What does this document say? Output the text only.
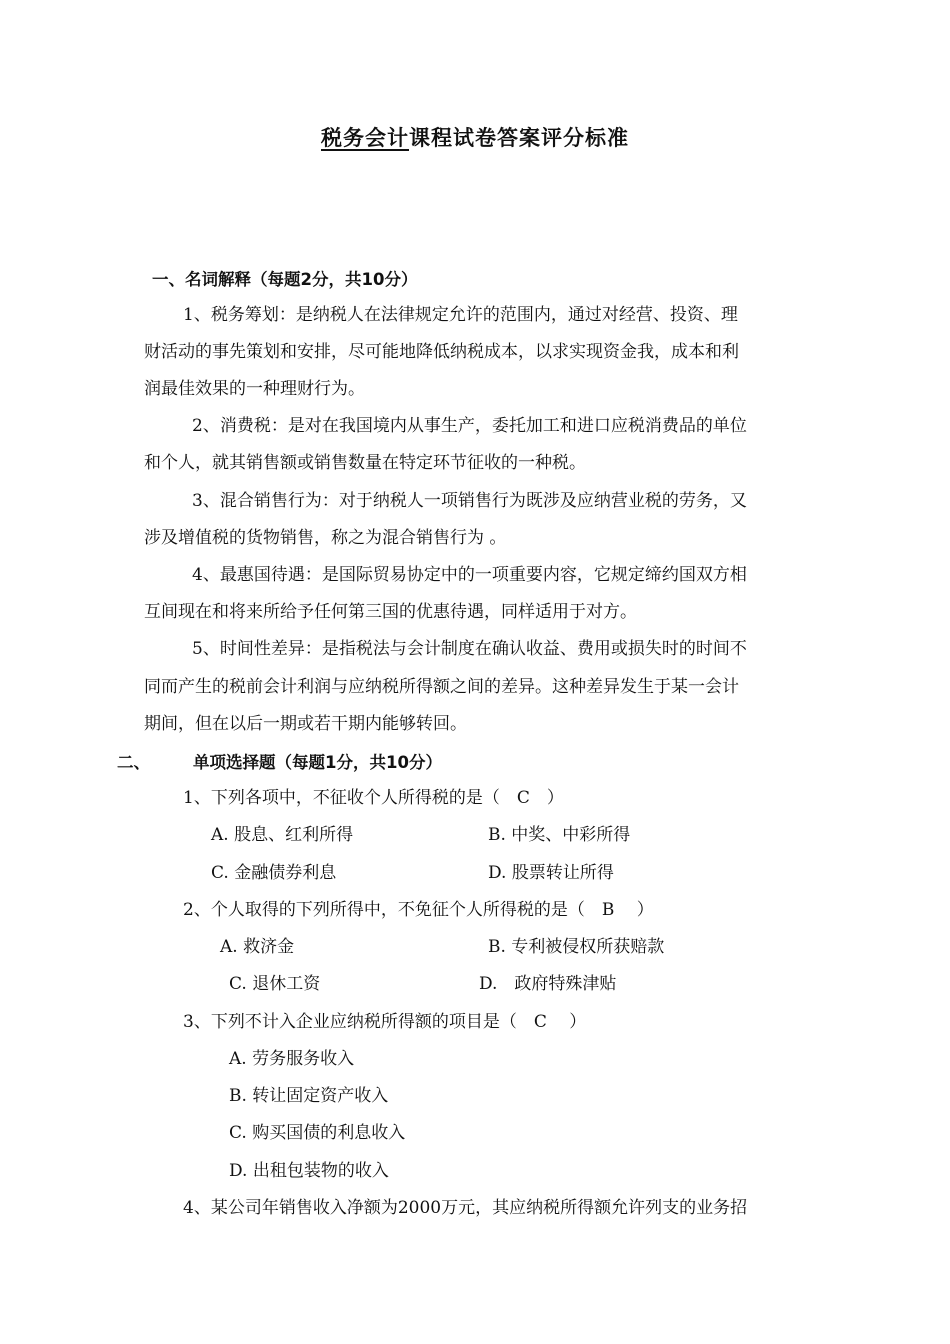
税务会计课程试卷答案评分标准
一、名词解释（每题2分，共10分）
1、税务筹划：是纳税人在法律规定允许的范围内，通过对经营、投资、理
财活动的事先策划和安排，尽可能地降低纳税成本，以求实现资金我，成本和利
润最佳效果的一种理财行为。
2、消费税：是对在我国境内从事生产，委托加工和进口应税消费品的单位
和个人，就其销售额或销售数量在特定环节征收的一种税。
3、混合销售行为：对于纳税人一项销售行为既涉及应纳营业税的劳务，又
涉及增值税的货物销售，称之为混合销售行为 。
4、最惠国待遇：是国际贸易协定中的一项重要内容，它规定缔约国双方相
互间现在和将来所给予任何第三国的优惠待遇，同样适用于对方。
5、时间性差异：是指税法与会计制度在确认收益、费用或损失时的时间不
同而产生的税前会计利润与应纳税所得额之间的差异。这种差异发生于某一会计
期间，但在以后一期或若干期内能够转回。
二、	单项选择题（每题1分，共10分）
1、下列各项中，不征收个人所得税的是（　C　）
A. 股息、红利所得	B. 中奖、中彩所得
C. 金融债券利息	D. 股票转让所得
2、个人取得的下列所得中，不免征个人所得税的是（　B　 ）
A. 救济金	B. 专利被侵权所获赔款
C. 退休工资	D.　政府特殊津贴
3、下列不计入企业应纳税所得额的项目是（　C　 ）
A. 劳务服务收入
B. 转让固定资产收入
C. 购买国债的利息收入
D. 出租包装物的收入
4、某公司年销售收入净额为2000万元，其应纳税所得额允许列支的业务招
